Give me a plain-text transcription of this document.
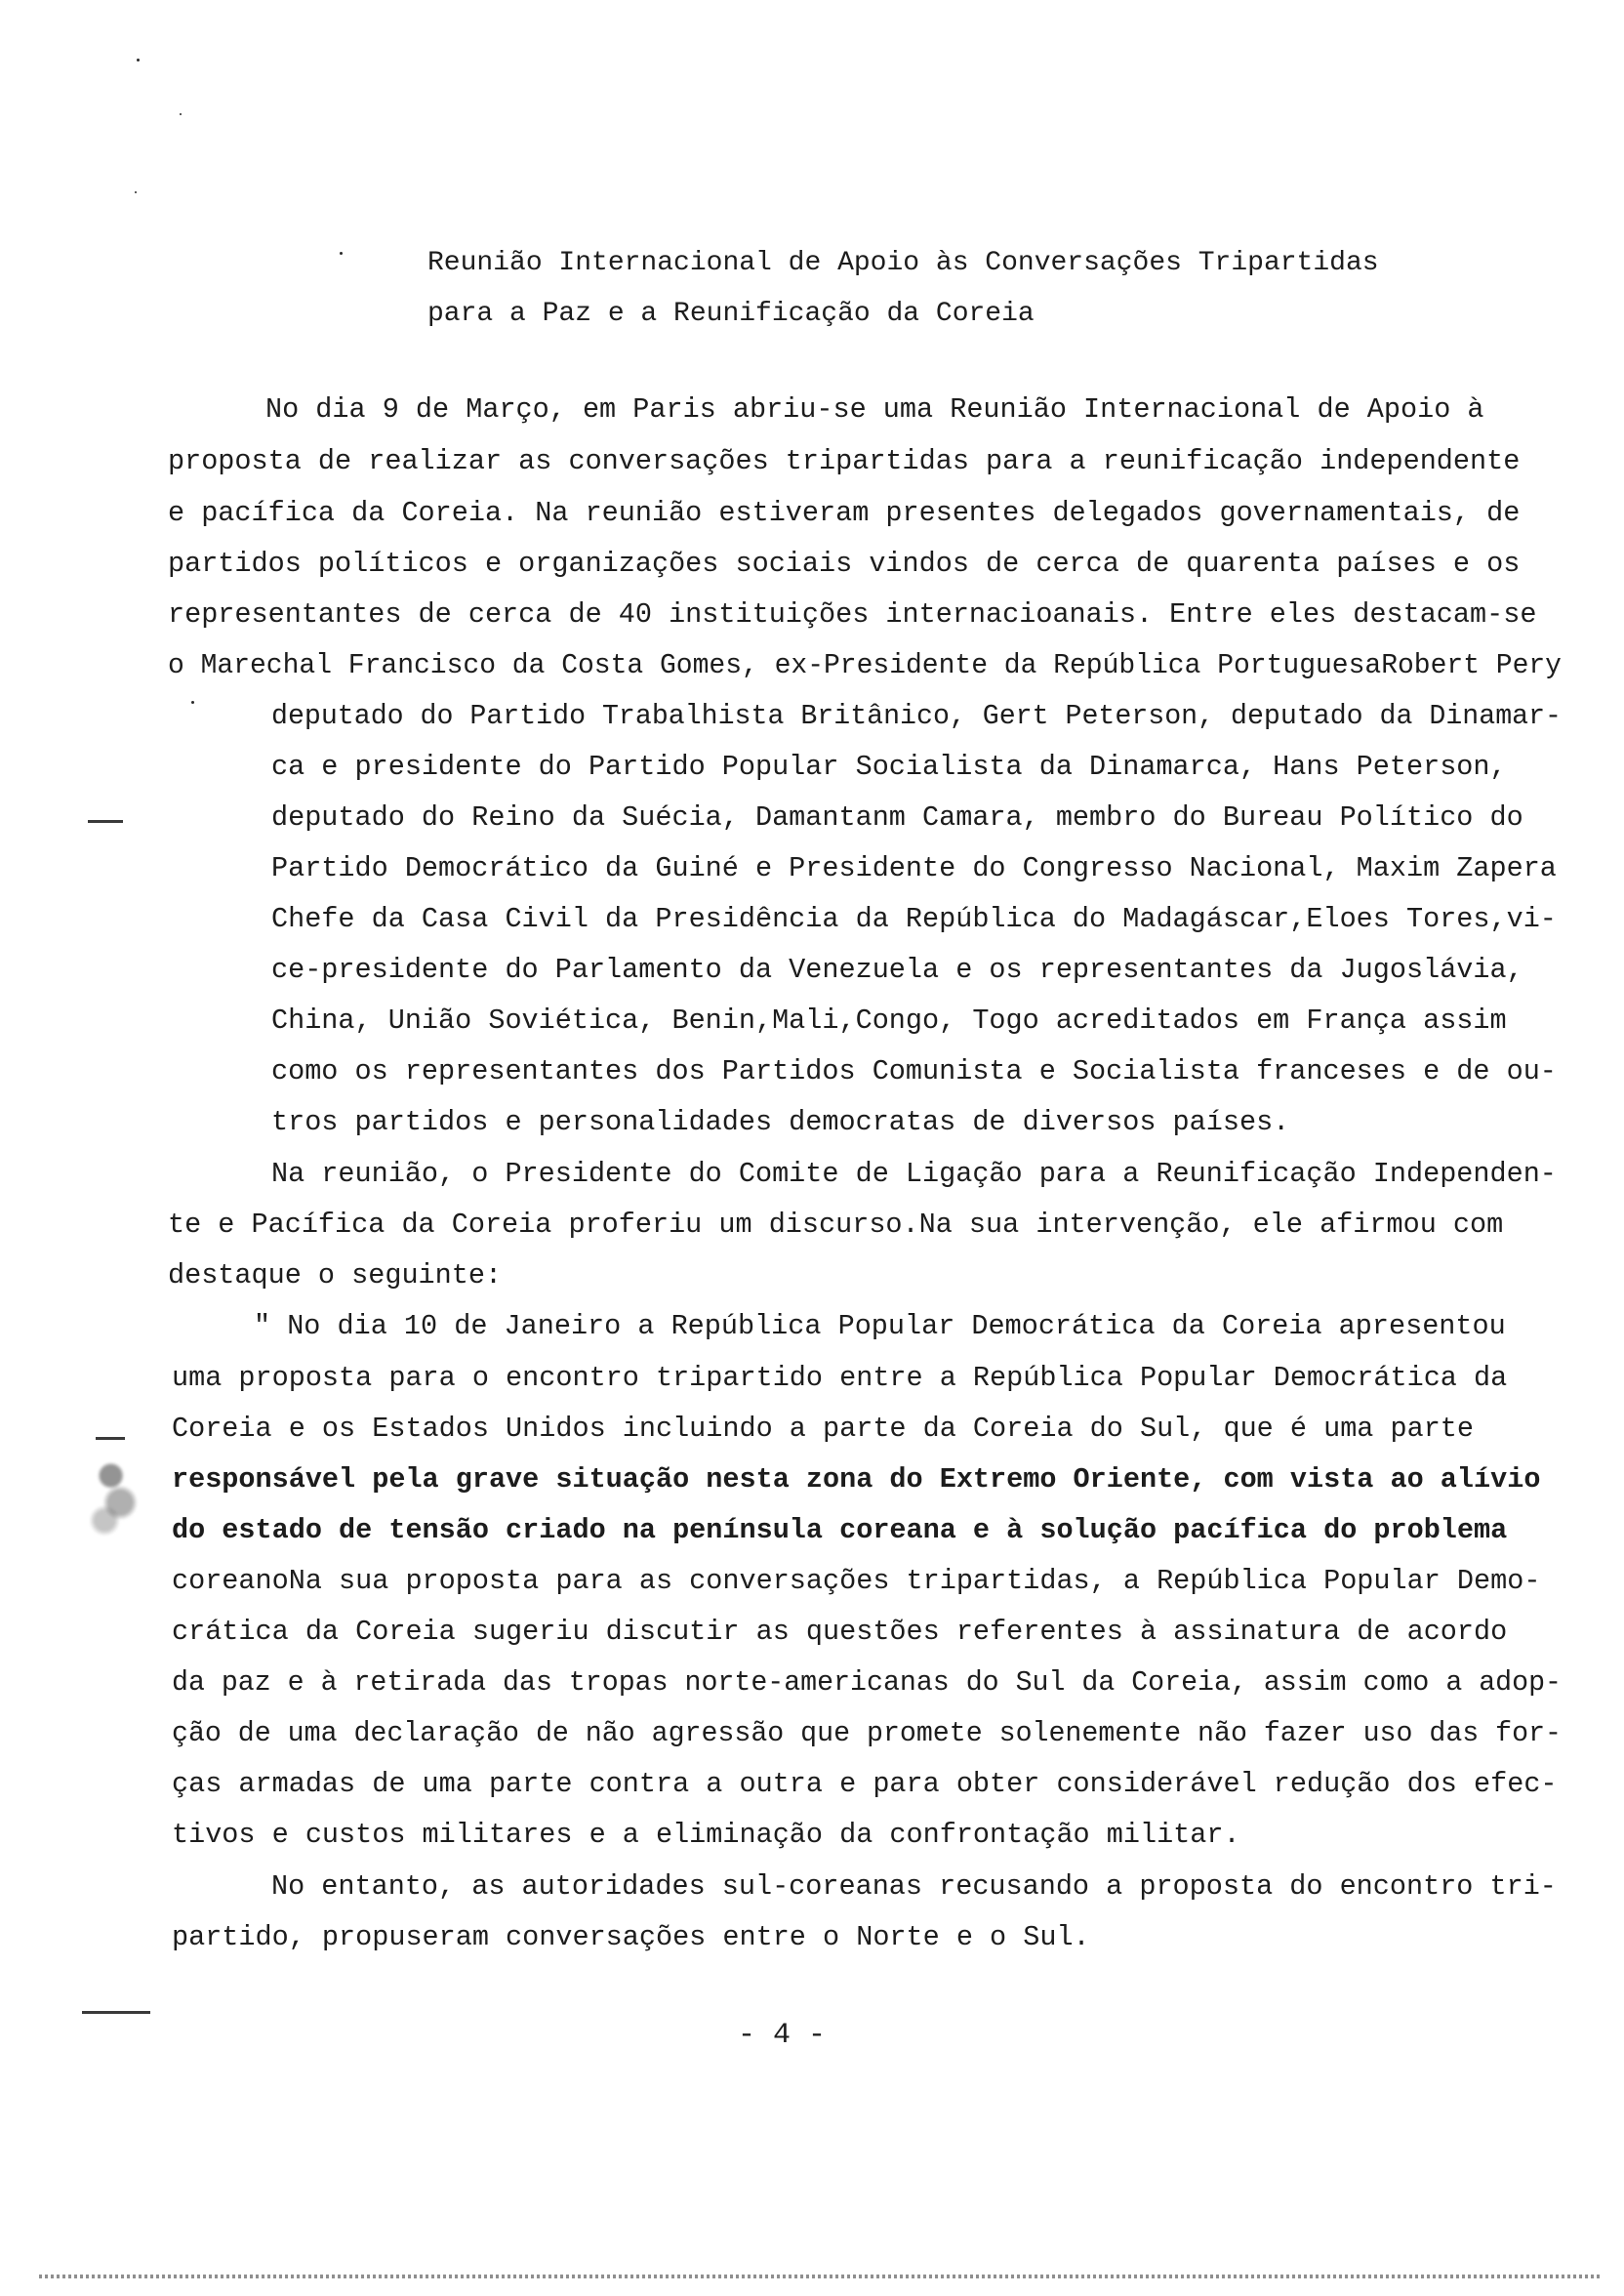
Reunião Internacional de Apoio às Conversações Tripartidas
para a Paz e a Reunificação da Coreia
No dia 9 de Março, em Paris abriu-se uma Reunião Internacional de Apoio à
proposta de realizar as conversações tripartidas para a reunificação independente
e pacífica da Coreia. Na reunião estiveram presentes delegados governamentais, de
partidos políticos e organizações sociais vindos de cerca de quarenta países e os
representantes de cerca de 40 instituições internacioanais. Entre eles destacam-se
o Marechal Francisco da Costa Gomes, ex-Presidente da República PortuguesaRobert Pery
deputado do Partido Trabalhista Britânico, Gert Peterson, deputado da Dinamar-
ca e presidente do Partido Popular Socialista da Dinamarca, Hans Peterson,
deputado do Reino da Suécia, Damantanm Camara, membro do Bureau Político do
Partido Democrático da Guiné e Presidente do Congresso Nacional, Maxim Zapera
Chefe da Casa Civil da Presidência da República do Madagáscar,Eloes Tores,vi-
ce-presidente do Parlamento da Venezuela e os representantes da Jugoslávia,
China, União Soviética, Benin,Mali,Congo, Togo acreditados em França assim
como os representantes dos Partidos Comunista e Socialista franceses e de ou-
tros partidos e personalidades democratas de diversos países.
Na reunião, o Presidente do Comite de Ligação para a Reunificação Independen-
te e Pacífica da Coreia proferiu um discurso.Na sua intervenção, ele afirmou com
destaque o seguinte:
" No dia 10 de Janeiro a República Popular Democrática da Coreia apresentou
uma proposta para o encontro tripartido entre a República Popular Democrática da
Coreia e os Estados Unidos incluindo a parte da Coreia do Sul, que é uma parte
responsável pela grave situação nesta zona do Extremo Oriente, com vista ao alívio
do estado de tensão criado na península coreana e à solução pacífica do problema
coreanoNa sua proposta para as conversações tripartidas, a República Popular Demo-
crática da Coreia sugeriu discutir as questões referentes à assinatura de acordo
da paz e à retirada das tropas norte-americanas do Sul da Coreia, assim como a adop-
ção de uma declaração de não agressão que promete solenemente não fazer uso das for-
ças armadas de uma parte contra a outra e para obter considerável redução dos efec-
tivos e custos militares e a eliminação da confrontação militar.
No entanto, as autoridades sul-coreanas recusando a proposta do encontro tri-
partido, propuseram conversações entre o Norte e o Sul.
- 4 -
